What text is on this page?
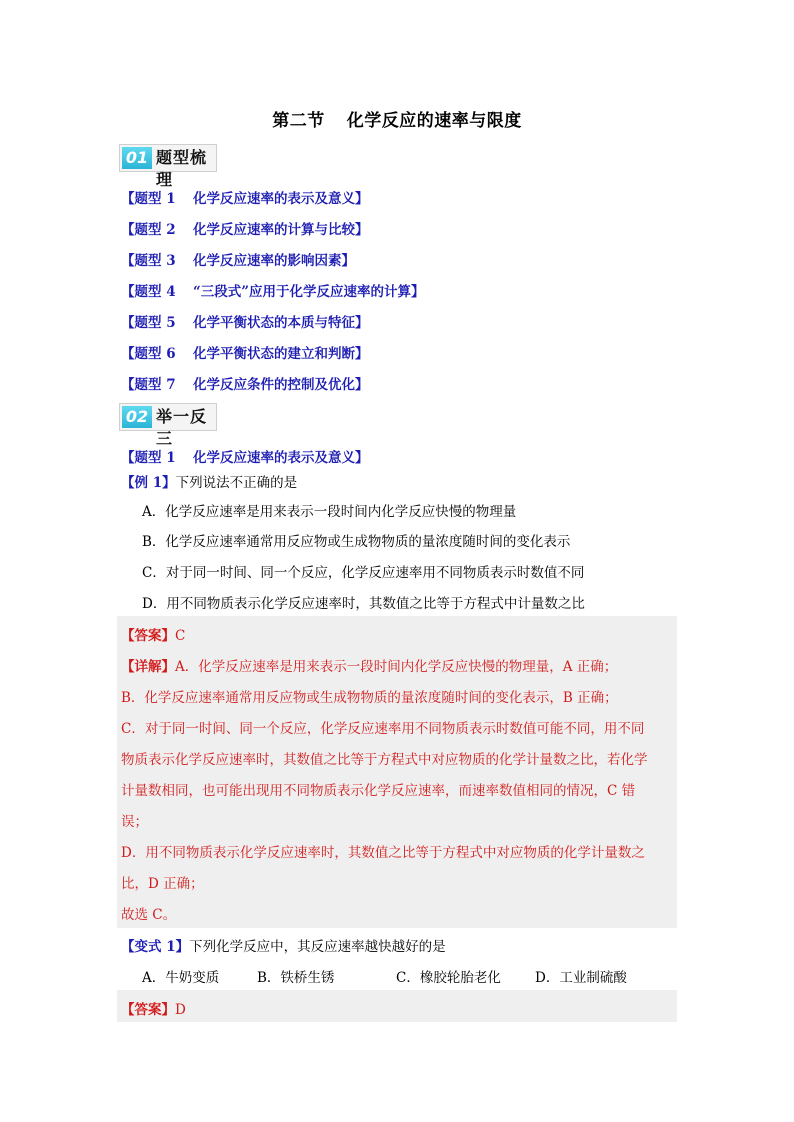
第二节 化学反应的速率与限度
01 题型梳理
【题型 1 化学反应速率的表示及意义】
【题型 2 化学反应速率的计算与比较】
【题型 3 化学反应速率的影响因素】
【题型 4 “三段式”应用于化学反应速率的计算】
【题型 5 化学平衡状态的本质与特征】
【题型 6 化学平衡状态的建立和判断】
【题型 7 化学反应条件的控制及优化】
02 举一反三
【题型 1 化学反应速率的表示及意义】
【例 1】下列说法不正确的是
A．化学反应速率是用来表示一段时间内化学反应快慢的物理量
B．化学反应速率通常用反应物或生成物物质的量浓度随时间的变化表示
C．对于同一时间、同一个反应，化学反应速率用不同物质表示时数值不同
D．用不同物质表示化学反应速率时，其数值之比等于方程式中计量数之比
【答案】C
【详解】A．化学反应速率是用来表示一段时间内化学反应快慢的物理量，A 正确；
B．化学反应速率通常用反应物或生成物物质的量浓度随时间的变化表示，B 正确；
C．对于同一时间、同一个反应，化学反应速率用不同物质表示时数值可能不同，用不同
物质表示化学反应速率时，其数值之比等于方程式中对应物质的化学计量数之比，若化学
计量数相同，也可能出现用不同物质表示化学反应速率，而速率数值相同的情况，C 错
误；
D．用不同物质表示化学反应速率时，其数值之比等于方程式中对应物质的化学计量数之
比，D 正确；
故选 C。
【变式 1】下列化学反应中，其反应速率越快越好的是
A．牛奶变质	B．铁桥生锈	C．橡胶轮胎老化	D．工业制硫酸
【答案】D
